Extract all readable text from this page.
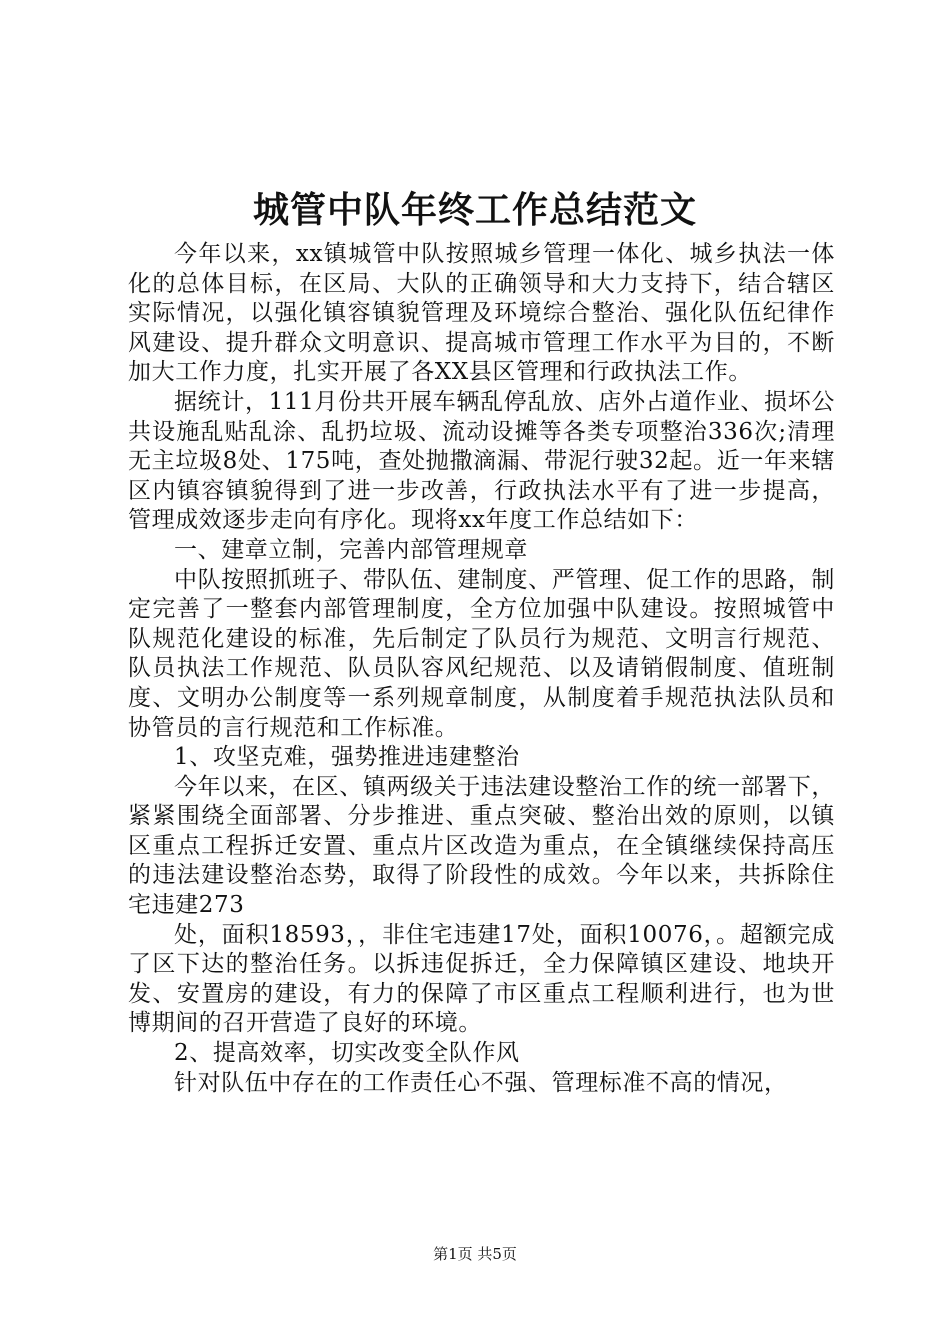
城管中队年终工作总结范文

今年以来，xx镇城管中队按照城乡管理一体化、城乡执法一体化的总体目标，在区局、大队的正确领导和大力支持下，结合辖区实际情况，以强化镇容镇貌管理及环境综合整治、强化队伍纪律作风建设、提升群众文明意识、提高城市管理工作水平为目的，不断加大工作力度，扎实开展了各XX县区管理和行政执法工作。

据统计，111月份共开展车辆乱停乱放、店外占道作业、损坏公共设施乱贴乱涂、乱扔垃圾、流动设摊等各类专项整治336次;清理无主垃圾8处、175吨，查处抛撒滴漏、带泥行驶32起。近一年来辖区内镇容镇貌得到了进一步改善，行政执法水平有了进一步提高，管理成效逐步走向有序化。现将xx年度工作总结如下：

一、建章立制，完善内部管理规章

中队按照抓班子、带队伍、建制度、严管理、促工作的思路，制定完善了一整套内部管理制度，全方位加强中队建设。按照城管中队规范化建设的标准，先后制定了队员行为规范、文明言行规范、队员执法工作规范、队员队容风纪规范、以及请销假制度、值班制度、文明办公制度等一系列规章制度，从制度着手规范执法队员和协管员的言行规范和工作标准。

1、攻坚克难，强势推进违建整治

今年以来，在区、镇两级关于违法建设整治工作的统一部署下，紧紧围绕全面部署、分步推进、重点突破、整治出效的原则，以镇区重点工程拆迁安置、重点片区改造为重点，在全镇继续保持高压的违法建设整治态势，取得了阶段性的成效。今年以来，共拆除住宅违建273

处，面积18593，，非住宅违建17处，面积10076，。超额完成了区下达的整治任务。以拆违促拆迁，全力保障镇区建设、地块开发、安置房的建设，有力的保障了市区重点工程顺利进行，也为世博期间的召开营造了良好的环境。

2、提高效率，切实改变全队作风

针对队伍中存在的工作责任心不强、管理标准不高的情况，

第1页 共5页
